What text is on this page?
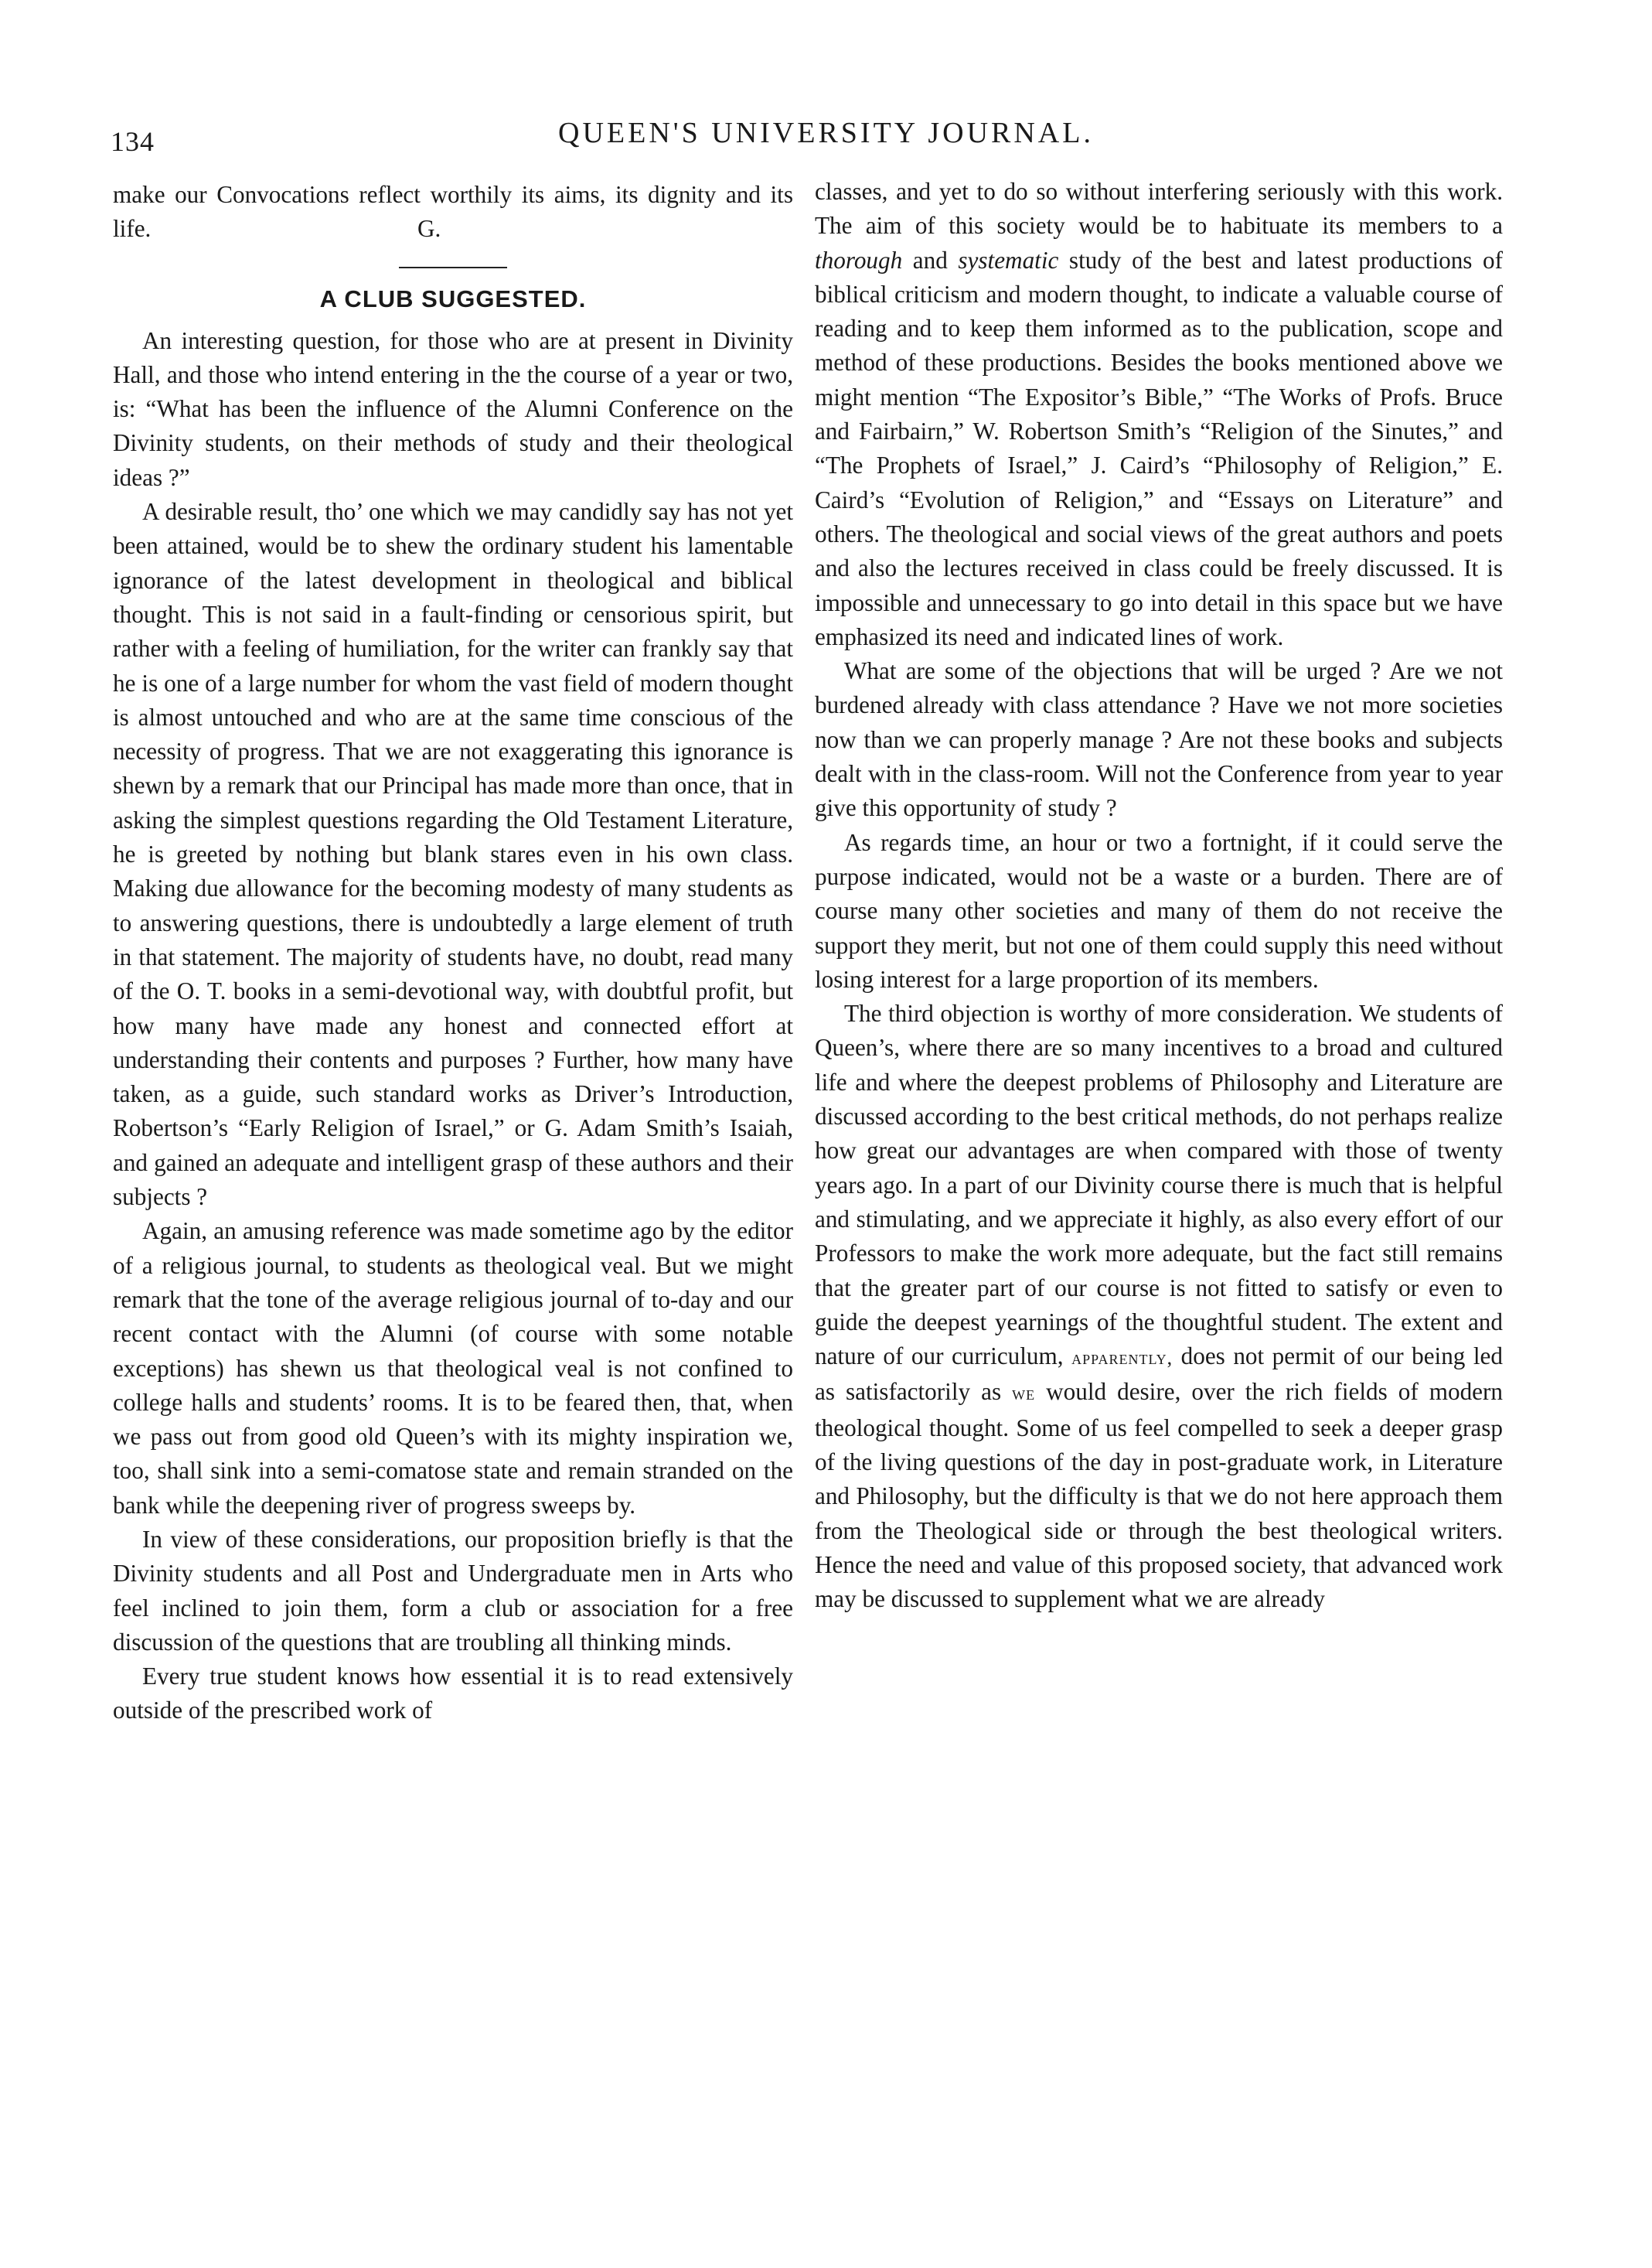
134	QUEEN'S UNIVERSITY JOURNAL.

make our Convocations reflect worthily its aims, its dignity and its life.	G.

A CLUB SUGGESTED.

An interesting question, for those who are at present in Divinity Hall, and those who intend entering in the the course of a year or two, is: “What has been the influence of the Alumni Conference on the Divinity students, on their methods of study and their theological ideas ?”

A desirable result, tho’ one which we may candidly say has not yet been attained, would be to shew the ordinary student his lamentable ignorance of the latest development in theological and biblical thought. This is not said in a fault-finding or censorious spirit, but rather with a feeling of humiliation, for the writer can frankly say that he is one of a large number for whom the vast field of modern thought is almost untouched and who are at the same time conscious of the necessity of progress. That we are not exaggerating this ignorance is shewn by a remark that our Principal has made more than once, that in asking the simplest questions regarding the Old Testament Literature, he is greeted by nothing but blank stares even in his own class. Making due allowance for the becoming modesty of many students as to answering questions, there is undoubtedly a large element of truth in that statement. The majority of students have, no doubt, read many of the O. T. books in a semi-devotional way, with doubtful profit, but how many have made any honest and connected effort at understanding their contents and purposes ? Further, how many have taken, as a guide, such standard works as Driver’s Introduction, Robertson’s “Early Religion of Israel,” or G. Adam Smith’s Isaiah, and gained an adequate and intelligent grasp of these authors and their subjects ?

Again, an amusing reference was made sometime ago by the editor of a religious journal, to students as theological veal. But we might remark that the tone of the average religious journal of to-day and our recent contact with the Alumni (of course with some notable exceptions) has shewn us that theological veal is not confined to college halls and students’ rooms. It is to be feared then, that, when we pass out from good old Queen’s with its mighty inspiration we, too, shall sink into a semi-comatose state and remain stranded on the bank while the deepening river of progress sweeps by.

In view of these considerations, our proposition briefly is that the Divinity students and all Post and Undergraduate men in Arts who feel inclined to join them, form a club or association for a free discussion of the questions that are troubling all thinking minds.

Every true student knows how essential it is to read extensively outside of the prescribed work of

classes, and yet to do so without interfering seriously with this work. The aim of this society would be to habituate its members to a thorough and systematic study of the best and latest productions of biblical criticism and modern thought, to indicate a valuable course of reading and to keep them informed as to the publication, scope and method of these productions. Besides the books mentioned above we might mention “The Expositor’s Bible,” “The Works of Profs. Bruce and Fairbairn,” W. Robertson Smith’s “Religion of the Sinutes,” and “The Prophets of Israel,” J. Caird’s “Philosophy of Religion,” E. Caird’s “Evolution of Religion,” and “Essays on Literature” and others. The theological and social views of the great authors and poets and also the lectures received in class could be freely discussed. It is impossible and unnecessary to go into detail in this space but we have emphasized its need and indicated lines of work.

What are some of the objections that will be urged ? Are we not burdened already with class attendance ? Have we not more societies now than we can properly manage ? Are not these books and subjects dealt with in the class-room. Will not the Conference from year to year give this opportunity of study ?

As regards time, an hour or two a fortnight, if it could serve the purpose indicated, would not be a waste or a burden. There are of course many other societies and many of them do not receive the support they merit, but not one of them could supply this need without losing interest for a large proportion of its members.

The third objection is worthy of more consideration. We students of Queen’s, where there are so many incentives to a broad and cultured life and where the deepest problems of Philosophy and Literature are discussed according to the best critical methods, do not perhaps realize how great our advantages are when compared with those of twenty years ago. In a part of our Divinity course there is much that is helpful and stimulating, and we appreciate it highly, as also every effort of our Professors to make the work more adequate, but the fact still remains that the greater part of our course is not fitted to satisfy or even to guide the deepest yearnings of the thoughtful student. The extent and nature of our curriculum, apparently, does not permit of our being led as satisfactorily as we would desire, over the rich fields of modern theological thought. Some of us feel compelled to seek a deeper grasp of the living questions of the day in post-graduate work, in Literature and Philosophy, but the difficulty is that we do not here approach them from the Theological side or through the best theological writers. Hence the need and value of this proposed society, that advanced work may be discussed to supplement what we are already
